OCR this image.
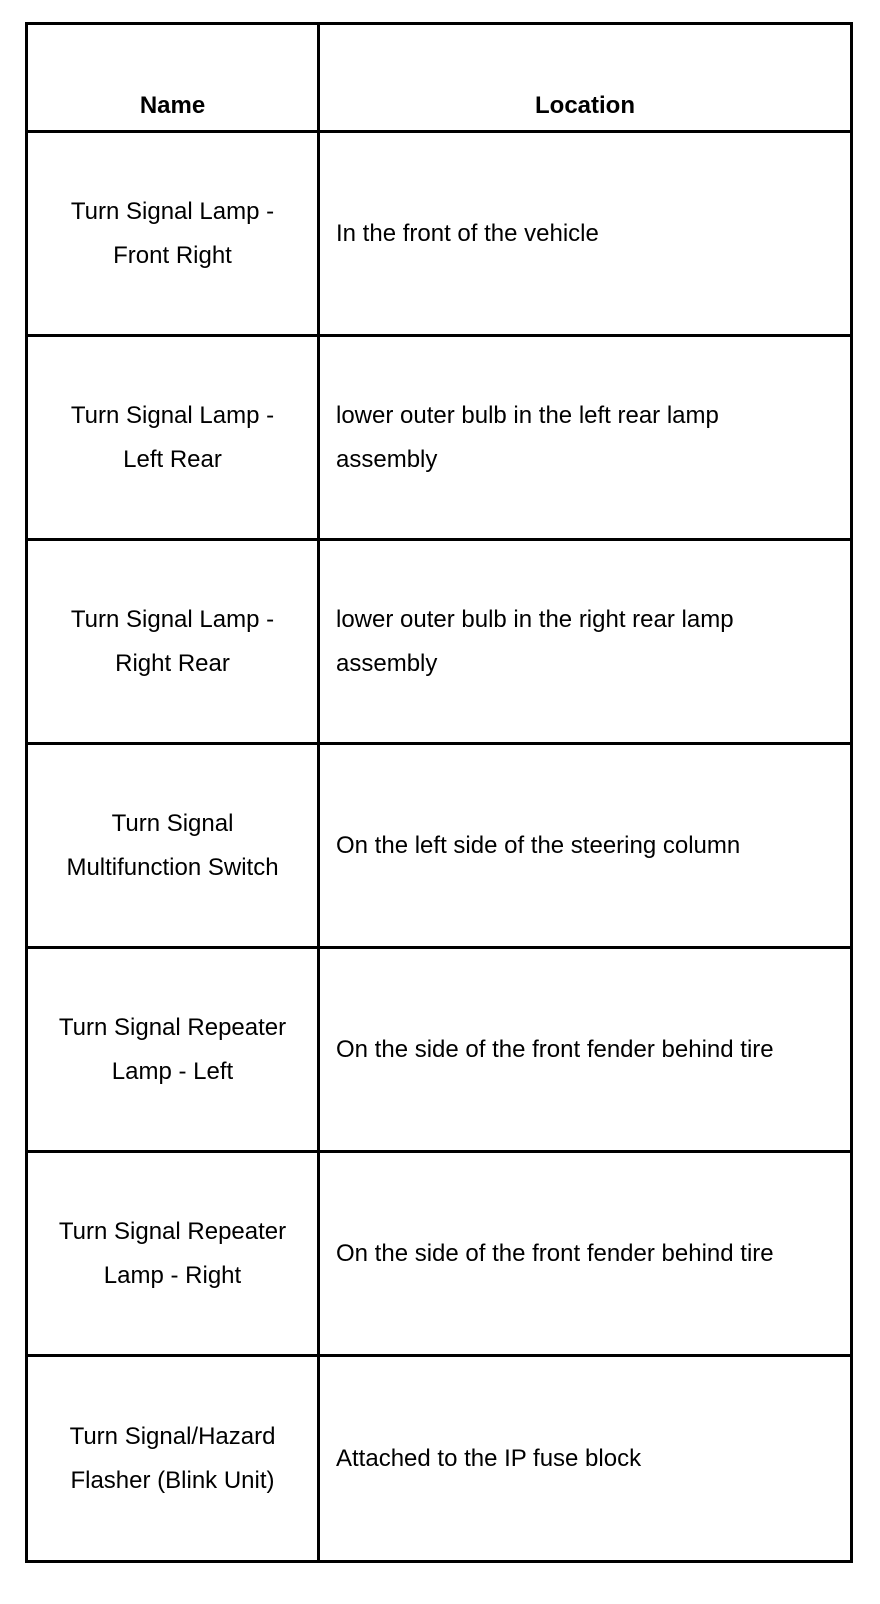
Name	Location
Turn Signal Lamp - Front Right	In the front of the vehicle
Turn Signal Lamp - Left Rear	lower outer bulb in the left rear lamp assembly
Turn Signal Lamp - Right Rear	lower outer bulb in the right rear lamp assembly
Turn Signal Multifunction Switch	On the left side of the steering column
Turn Signal Repeater Lamp - Left	On the side of the front fender behind tire
Turn Signal Repeater Lamp - Right	On the side of the front fender behind tire
Turn Signal/Hazard Flasher (Blink Unit)	Attached to the IP fuse block
